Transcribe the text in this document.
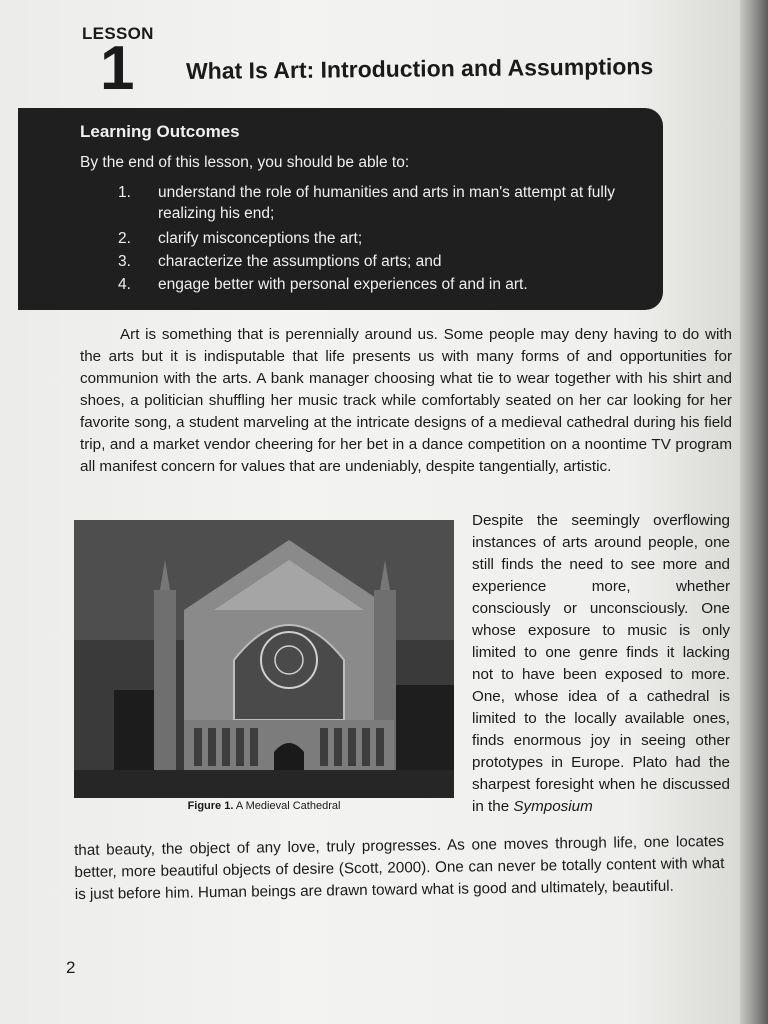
LESSON
1 What Is Art: Introduction and Assumptions
Learning Outcomes
By the end of this lesson, you should be able to:
1.	understand the role of humanities and arts in man's attempt at fully realizing his end;
2.	clarify misconceptions the art;
3.	characterize the assumptions of arts; and
4.	engage better with personal experiences of and in art.
Art is something that is perennially around us. Some people may deny having to do with the arts but it is indisputable that life presents us with many forms of and opportunities for communion with the arts. A bank manager choosing what tie to wear together with his shirt and shoes, a politician shuffling her music track while comfortably seated on her car looking for her favorite song, a student marveling at the intricate designs of a medieval cathedral during his field trip, and a market vendor cheering for her bet in a dance competition on a noontime TV program all manifest concern for values that are undeniably, despite tangentially, artistic.
Figure 1. A Medieval Cathedral
Despite the seemingly overflowing instances of arts around people, one still finds the need to see more and experience more, whether consciously or unconsciously. One whose exposure to music is only limited to one genre finds it lacking not to have been exposed to more. One, whose idea of a cathedral is limited to the locally available ones, finds enormous joy in seeing other prototypes in Europe. Plato had the sharpest foresight when he discussed in the Symposium
that beauty, the object of any love, truly progresses. As one moves through life, one locates better, more beautiful objects of desire (Scott, 2000). One can never be totally content with what is just before him. Human beings are drawn toward what is good and ultimately, beautiful.
2
